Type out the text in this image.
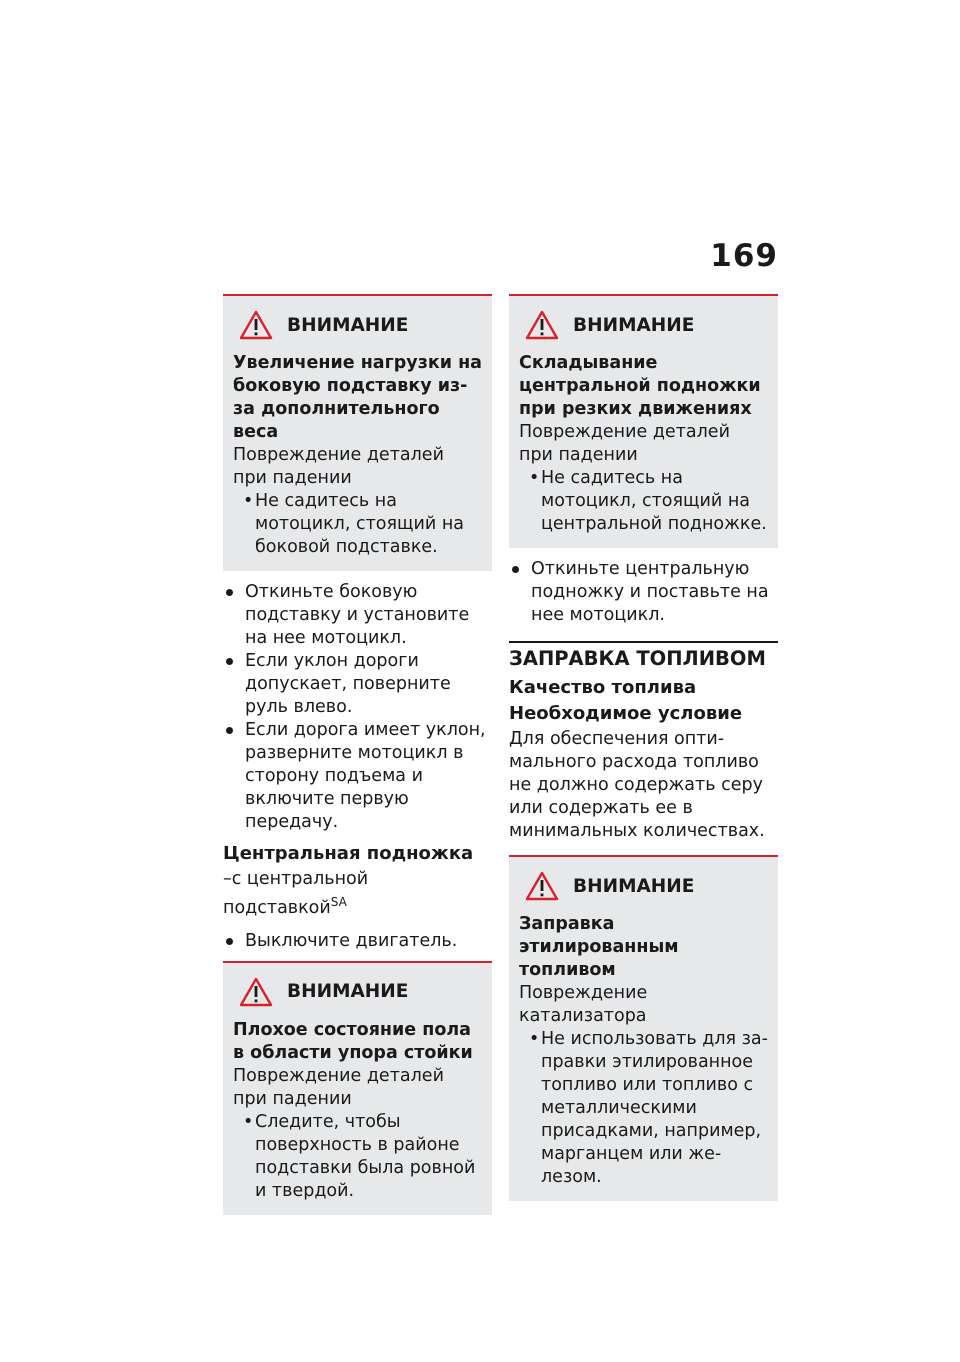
169
ВНИМАНИЕ
Увеличение нагрузки на боковую подставку из-за дополнительного веса
Повреждение деталей при падении
• Не садитесь на мотоцикл, стоящий на боковой подставке.
Откиньте боковую подставку и установите на нее мотоцикл.
Если уклон дороги допускает, поверните руль влево.
Если дорога имеет уклон, разверните мотоцикл в сторону подъема и включите первую передачу.
Центральная подножка
–с центральной подставкой$^{SA}$
Выключите двигатель.
ВНИМАНИЕ
Плохое состояние пола в области упора стойки
Повреждение деталей при падении
• Следите, чтобы поверхность в районе подставки была ровной и твердой.
ВНИМАНИЕ
Складывание центральной подножки при резких движениях
Повреждение деталей при падении
• Не садитесь на мотоцикл, стоящий на центральной подножке.
Откиньте центральную подножку и поставьте на нее мотоцикл.
ЗАПРАВКА ТОПЛИВОМ
Качество топлива
Необходимое условие
Для обеспечения оптимального расхода топливо не должно содержать серу или содержать ее в минимальных количествах.
ВНИМАНИЕ
Заправка этилированным топливом
Повреждение катализатора
• Не использовать для заправки этилированное топливо или топливо с металлическими присадками, например, марганцем или железом.
